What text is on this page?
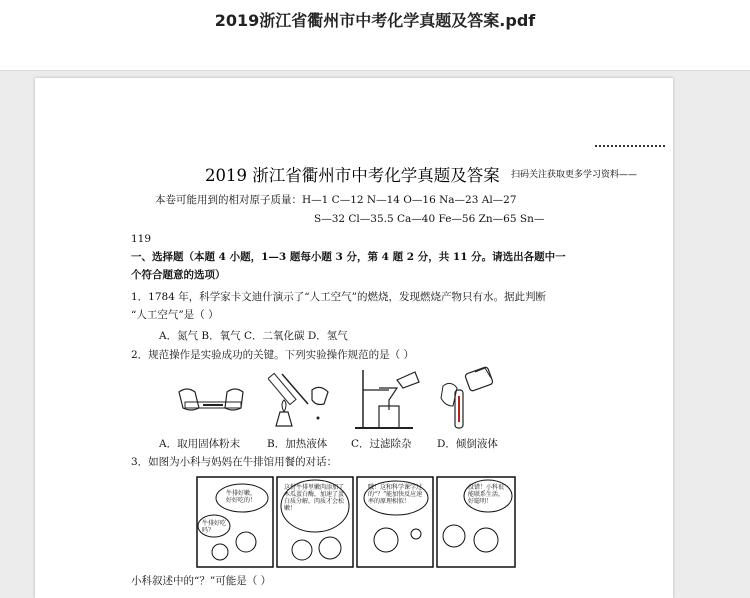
2019浙江省衢州市中考化学真题及答案.pdf
2019 浙江省衢州市中考化学真题及答案 扫码关注获取更多学习资料——
本卷可能用到的相对原子质量：H—1 C—12 N—14 O—16 Na—23 Al—27
S—32 Cl—35.5 Ca—40 Fe—56 Zn—65 Sn—
119
一、选择题（本题 4 小题，1—3 题每小题 3 分，第 4 题 2 分，共 11 分。请选出各题中一
个符合题意的选项）
1．1784 年，科学家卡文迪什演示了“人工空气”的燃烧，发现燃烧产物只有水。据此判断
“人工空气”是（ ）
A．氮气 B．氧气 C．二氧化碳 D．氢气
2．规范操作是实验成功的关键。下列实验操作规范的是（ ）
A．取用固体粉末	B．加热液体 C．过滤除杂 D．倾倒液体
3．如图为小科与妈妈在牛排馆用餐的对话：
牛排好嫩，好好吃的！
牛排好吃吗？
这份牛排里嫩肉添加了木瓜蛋白酶，加速了蛋白质分解，肉质才会松嫩！
哦！这和科学课学过的“？”能加快反应速率的原理相似！
没错！小科很能联系生活，好聪明！
小科叙述中的“？”可能是（ ）
